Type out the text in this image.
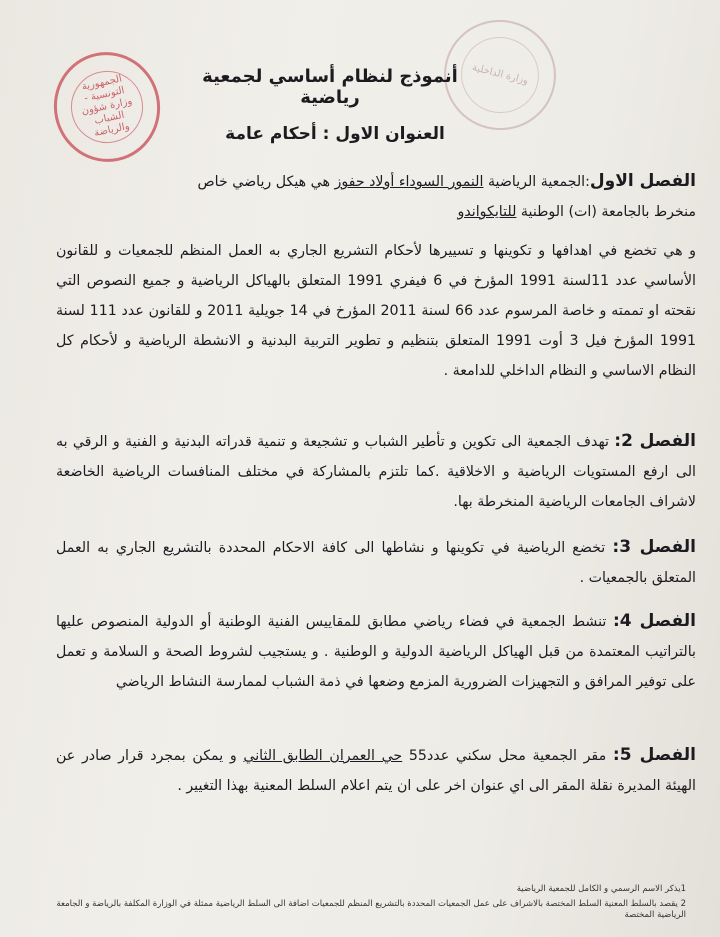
الجمهورية التونسية - وزارة شؤون الشباب والرياضة
وزارة الداخلية
أنموذج لنظام أساسي لجمعية رياضية
العنوان الاول : أحكام عامة
الفصل الاول:الجمعية الرياضية النمور السوداء أولاد حفوز هي هيكل رياضي خاص
منخرط بالجامعة (ات) الوطنية للتايكواندو
و هي تخضع في اهدافها و تكوينها و تسييرها لأحكام التشريع الجاري به العمل المنظم للجمعيات و للقانون الأساسي عدد 11لسنة 1991 المؤرخ في 6 فيفري 1991 المتعلق بالهياكل الرياضية و جميع النصوص التي نقحته او تممته و خاصة المرسوم عدد 66 لسنة 2011 المؤرخ في 14 جويلية 2011 و للقانون عدد 111 لسنة 1991 المؤرخ فيل 3 أوت 1991 المتعلق بتنظيم و تطوير التربية البدنية و الانشطة الرياضية و لأحكام كل النظام الاساسي و النظام الداخلي للدامعة .
الفصل 2: تهدف الجمعية الى تكوين و تأطير الشباب و تشجيعة و تنمية قدراته البدنية و الفنية و الرقي به الى ارفع المستويات الرياضية و الاخلاقية .كما تلتزم بالمشاركة في مختلف المنافسات الرياضية الخاضعة لاشراف الجامعات الرياضية المنخرطة بها.
الفصل 3: تخضع الرياضية في تكوينها و نشاطها الى كافة الاحكام المحددة بالتشريع الجاري به العمل المتعلق بالجمعيات .
الفصل 4: تنشط الجمعية في فضاء رياضي مطابق للمقاييس الفنية الوطنية أو الدولية المنصوص عليها بالتراتيب المعتمدة من قبل الهياكل الرياضية الدولية و الوطنية . و يستجيب لشروط الصحة و السلامة و تعمل على توفير المرافق و التجهيزات الضرورية المزمع وضعها في ذمة الشباب لممارسة النشاط الرياضي
الفصل 5: مقر الجمعية محل سكني عدد55 حي العمران الطابق الثاني و يمكن بمجرد قرار صادر عن الهيئة المديرة نقلة المقر الى اي عنوان اخر على ان يتم اعلام السلط المعنية بهذا التغيير .
1يذكر الاسم الرسمي و الكامل للجمعية الرياضية
2 يقصد بالسلط المعنية السلط المختصة بالاشراف على عمل الجمعيات المحددة بالتشريع المنظم للجمعيات اضافة الى السلط الرياضية ممثلة في الوزارة المكلفة بالرياضة و الجامعة الرياضية المختصة
